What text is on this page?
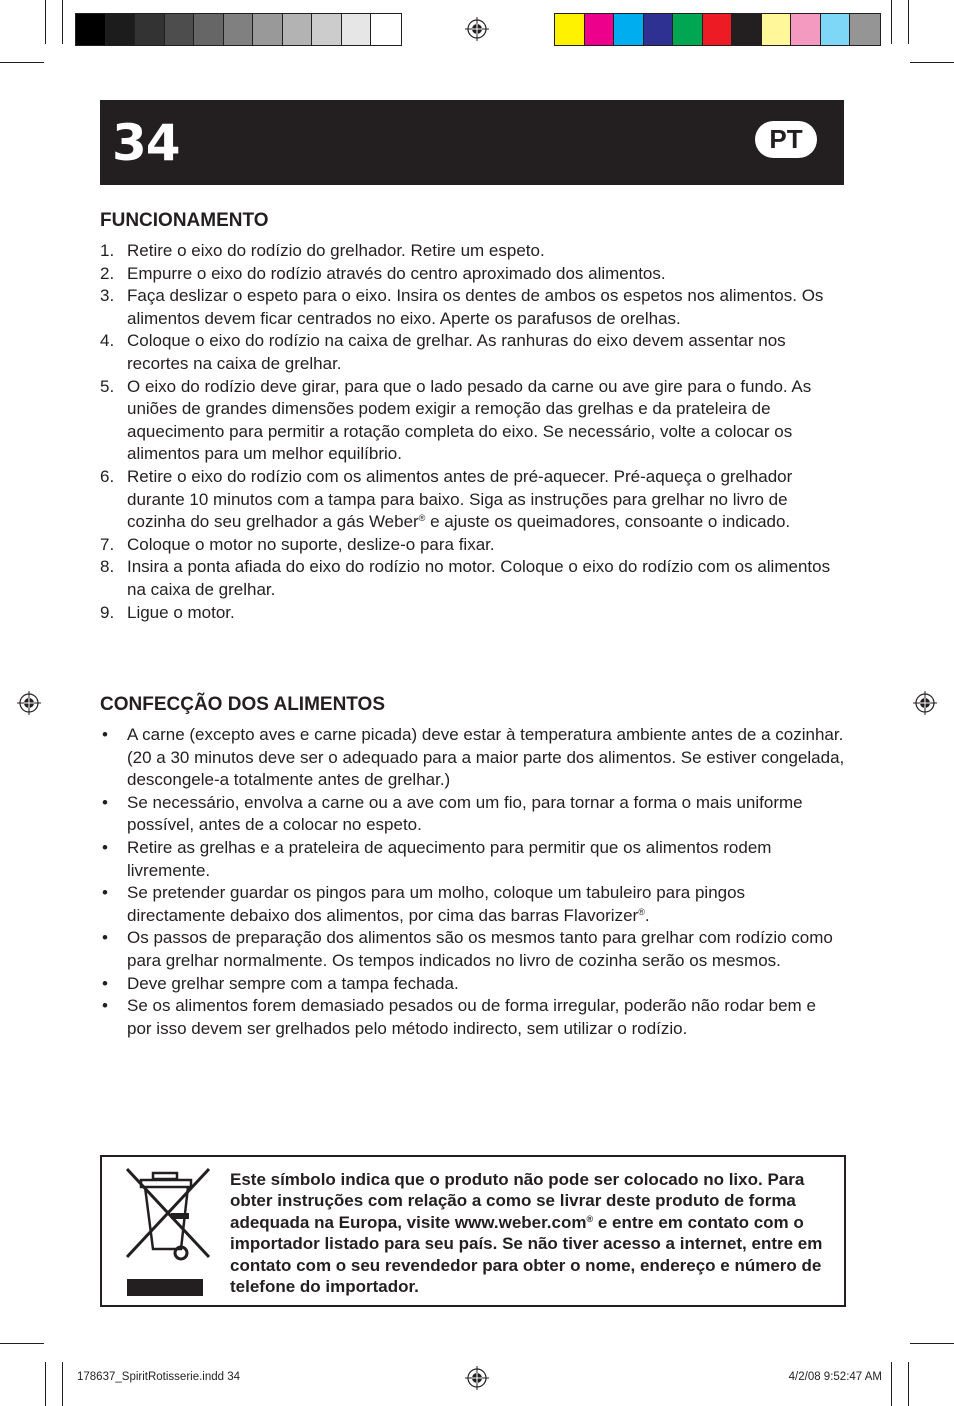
34	PT
FUNCIONAMENTO
1. Retire o eixo do rodízio do grelhador. Retire um espeto.
2. Empurre o eixo do rodízio através do centro aproximado dos alimentos.
3. Faça deslizar o espeto para o eixo. Insira os dentes de ambos os espetos nos alimentos. Os alimentos devem ficar centrados no eixo. Aperte os parafusos de orelhas.
4. Coloque o eixo do rodízio na caixa de grelhar. As ranhuras do eixo devem assentar nos recortes na caixa de grelhar.
5. O eixo do rodízio deve girar, para que o lado pesado da carne ou ave gire para o fundo. As uniões de grandes dimensões podem exigir a remoção das grelhas e da prateleira de aquecimento para permitir a rotação completa do eixo. Se necessário, volte a colocar os alimentos para um melhor equilíbrio.
6. Retire o eixo do rodízio com os alimentos antes de pré-aquecer. Pré-aqueça o grelhador durante 10 minutos com a tampa para baixo. Siga as instruções para grelhar no livro de cozinha do seu grelhador a gás Weber® e ajuste os queimadores, consoante o indicado.
7. Coloque o motor no suporte, deslize-o para fixar.
8. Insira a ponta afiada do eixo do rodízio no motor. Coloque o eixo do rodízio com os alimentos na caixa de grelhar.
9. Ligue o motor.
CONFECÇÃO DOS ALIMENTOS
• A carne (excepto aves e carne picada) deve estar à temperatura ambiente antes de a cozinhar. (20 a 30 minutos deve ser o adequado para a maior parte dos alimentos. Se estiver congelada, descongele-a totalmente antes de grelhar.)
• Se necessário, envolva a carne ou a ave com um fio, para tornar a forma o mais uniforme possível, antes de a colocar no espeto.
• Retire as grelhas e a prateleira de aquecimento para permitir que os alimentos rodem livremente.
• Se pretender guardar os pingos para um molho, coloque um tabuleiro para pingos directamente debaixo dos alimentos, por cima das barras Flavorizer®.
• Os passos de preparação dos alimentos são os mesmos tanto para grelhar com rodízio como para grelhar normalmente. Os tempos indicados no livro de cozinha serão os mesmos.
• Deve grelhar sempre com a tampa fechada.
• Se os alimentos forem demasiado pesados ou de forma irregular, poderão não rodar bem e por isso devem ser grelhados pelo método indirecto, sem utilizar o rodízio.
Este símbolo indica que o produto não pode ser colocado no lixo. Para obter instruções com relação a como se livrar deste produto de forma adequada na Europa, visite www.weber.com® e entre em contato com o importador listado para seu país. Se não tiver acesso a internet, entre em contato com o seu revendedor para obter o nome, endereço e número de telefone do importador.
178637_SpiritRotisserie.indd 34	4/2/08 9:52:47 AM
